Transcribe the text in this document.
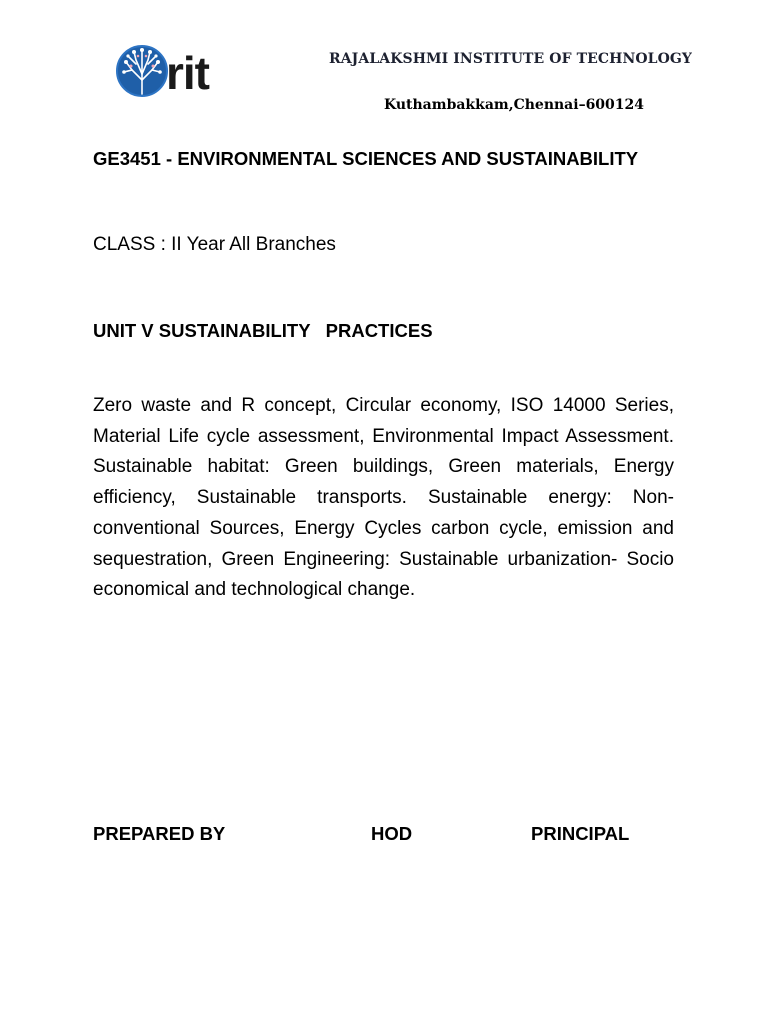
rit	RAJALAKSHMI INSTITUTE OF TECHNOLOGY
Kuthambakkam,Chennai–600124
GE3451 - ENVIRONMENTAL SCIENCES AND SUSTAINABILITY
CLASS : II Year All Branches
UNIT V SUSTAINABILITY   PRACTICES

Zero waste and R concept, Circular economy, ISO 14000 Series, Material Life cycle assessment, Environmental Impact Assessment. Sustainable habitat: Green buildings, Green materials, Energy efficiency, Sustainable transports. Sustainable energy: Non-conventional Sources, Energy Cycles carbon cycle, emission and sequestration, Green Engineering: Sustainable urbanization- Socio economical and technological change.

PREPARED BY	HOD	PRINCIPAL
